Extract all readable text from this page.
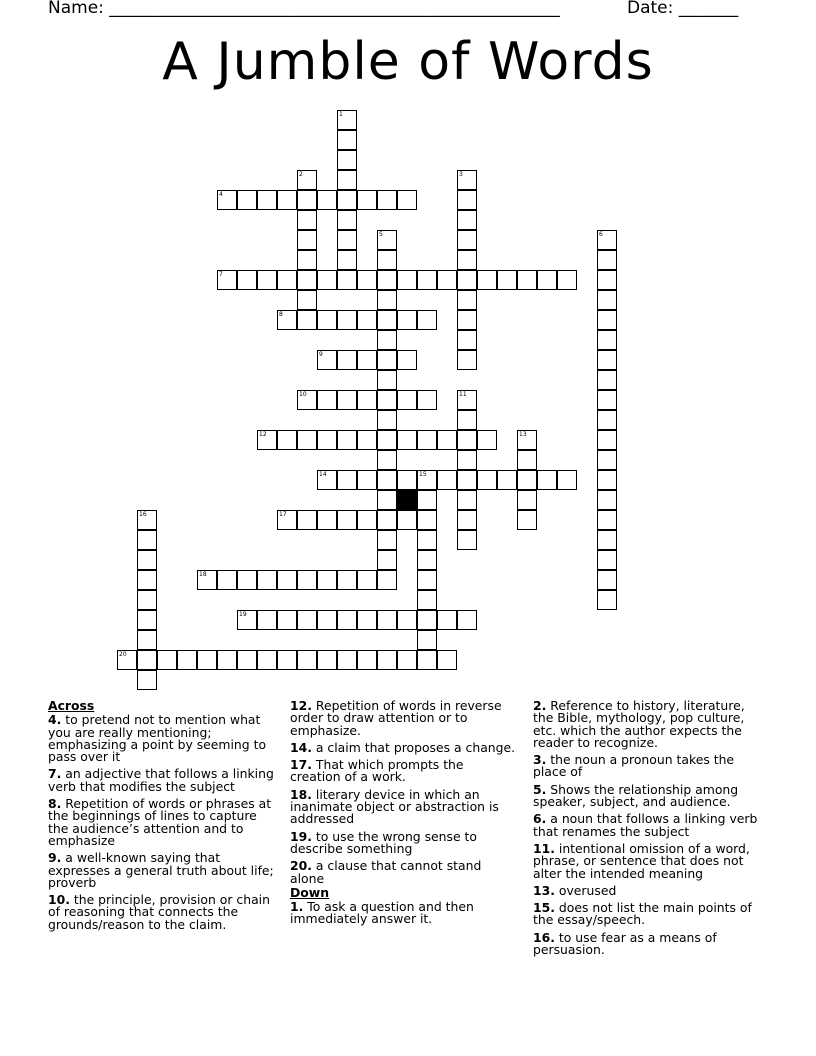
Name: _____________________________________________________	Date: _______
A Jumble of Words
1
2	3
4
5	6
7
8
9
10	11
12	13
14	15
16	17
18
19
20
Across
4. to pretend not to mention what you are really mentioning; emphasizing a point by seeming to pass over it
7. an adjective that follows a linking verb that modifies the subject
8. Repetition of words or phrases at the beginnings of lines to capture the audience’s attention and to emphasize
9. a well-known saying that expresses a general truth about life; proverb
10. the principle, provision or chain of reasoning that connects the grounds/reason to the claim.
12. Repetition of words in reverse order to draw attention or to emphasize.
14. a claim that proposes a change.
17. That which prompts the creation of a work.
18. literary device in which an inanimate object or abstraction is addressed
19. to use the wrong sense to describe something
20. a clause that cannot stand alone
Down
1. To ask a question and then immediately answer it.
2. Reference to history, literature, the Bible, mythology, pop culture, etc. which the author expects the reader to recognize.
3. the noun a pronoun takes the place of
5. Shows the relationship among speaker, subject, and audience.
6. a noun that follows a linking verb that renames the subject
11. intentional omission of a word, phrase, or sentence that does not alter the intended meaning
13. overused
15. does not list the main points of the essay/speech.
16. to use fear as a means of persuasion.
